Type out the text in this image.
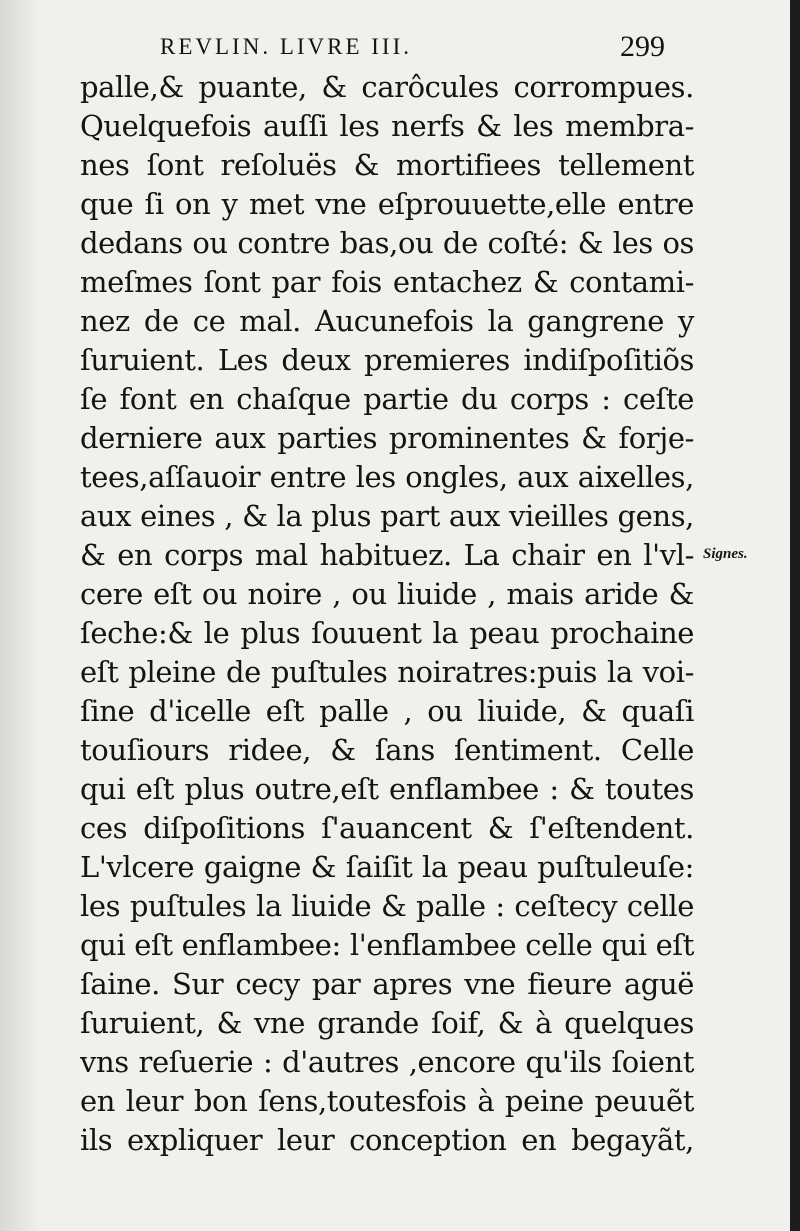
REVLIN. LIVRE III.	299
palle,& puante, & carôcules corrompues.
Quelquefois auſſi les nerfs & les membra-
nes ſont reſoluës & mortifiees tellement
que ſi on y met vne eſprouuette,elle entre
dedans ou contre bas,ou de coſté: & les os
meſmes ſont par fois entachez & contami-
nez de ce mal. Aucunefois la gangrene y
ſuruient. Les deux premieres indiſpoſitiõs
ſe font en chaſque partie du corps : ceſte
derniere aux parties prominentes & forje-
tees,aſſauoir entre les ongles, aux aixelles,
aux eines , & la plus part aux vieilles gens,
& en corps mal habituez. La chair en l'vl-
cere eſt ou noire , ou liuide , mais aride &
ſeche:& le plus ſouuent la peau prochaine
eſt pleine de puſtules noiratres:puis la voi-
ſine d'icelle eſt palle , ou liuide, & quaſi
touſiours ridee, & ſans ſentiment. Celle
qui eſt plus outre,eſt enflambee : & toutes
ces diſpoſitions ſ'auancent & ſ'eſtendent.
L'vlcere gaigne & ſaiſit la peau puſtuleuſe:
les puſtules la liuide & palle : ceſtecy celle
qui eſt enflambee: l'enflambee celle qui eſt
ſaine. Sur cecy par apres vne fieure aguë
ſuruient, & vne grande ſoif, & à quelques
vns reſuerie : d'autres ,encore qu'ils ſoient
en leur bon ſens,toutesfois à peine peuuẽt
ils expliquer leur conception en begayãt,
Signes.
